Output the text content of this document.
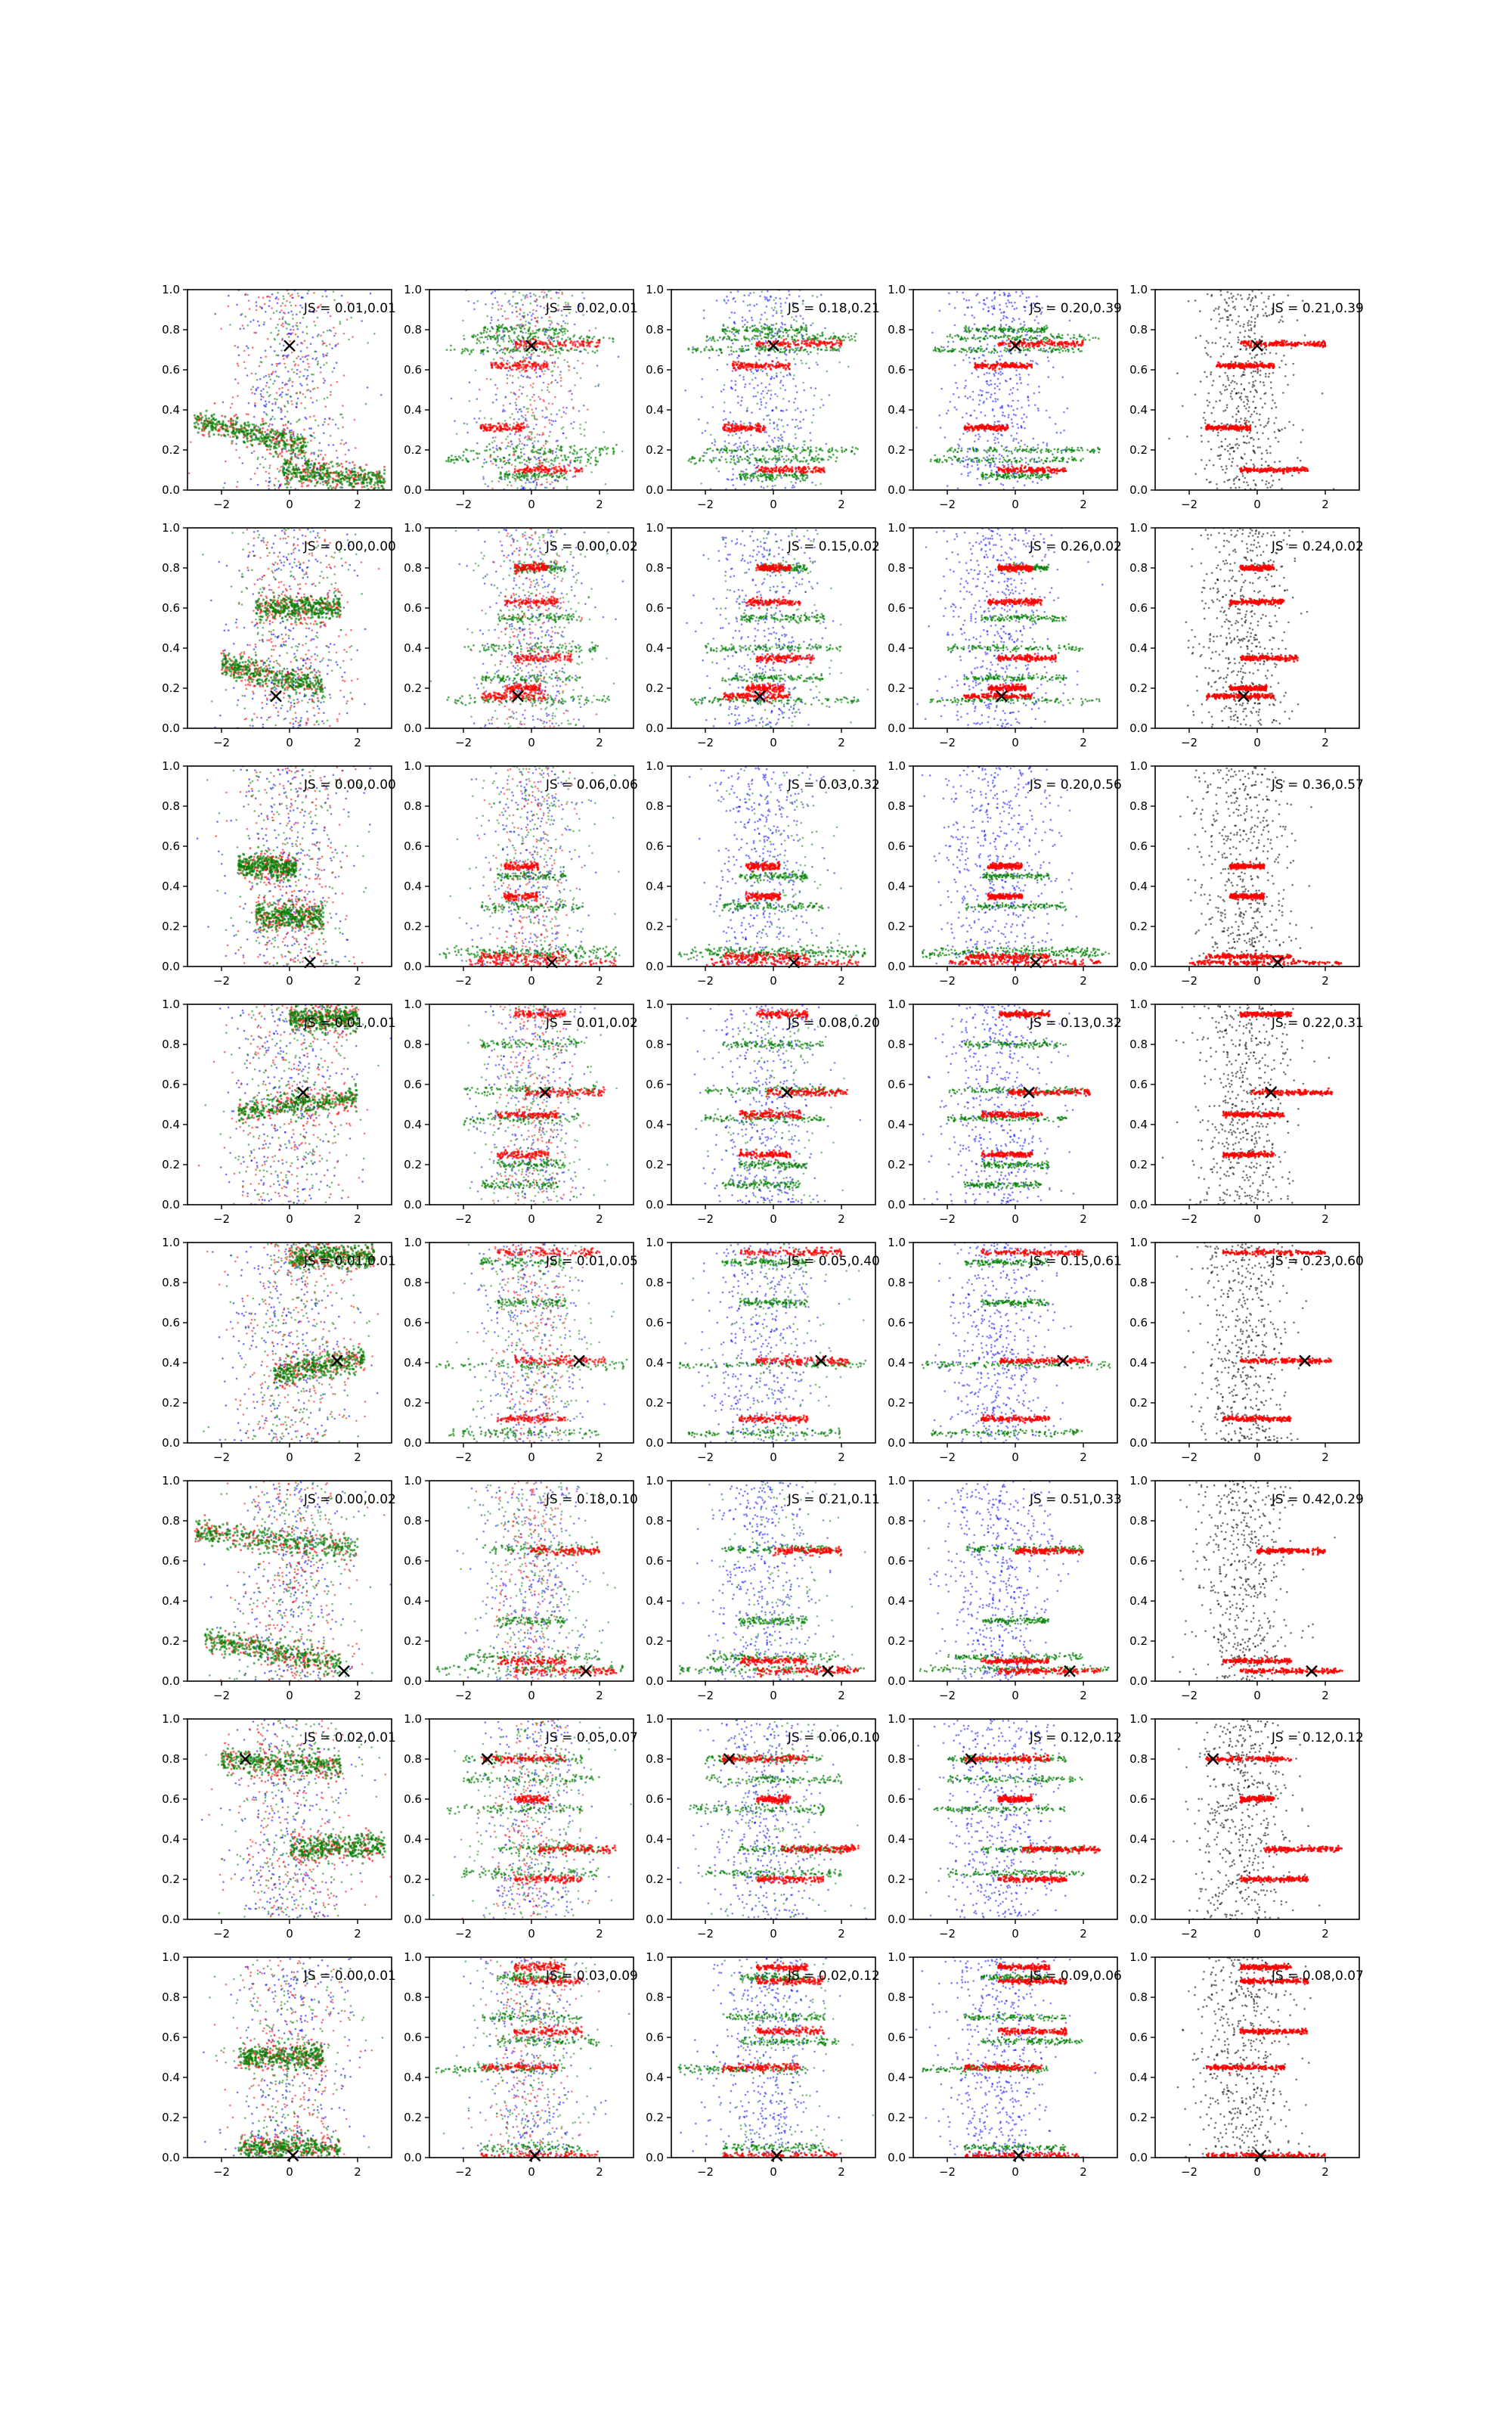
−2	0	2
0.0
0.2
0.4
0.6
0.8
1.0
JS = 0.01,0.01
−2	0	2
0.0
0.2
0.4
0.6
0.8
1.0
JS = 0.02,0.01
−2	0	2
0.0
0.2
0.4
0.6
0.8
1.0
JS = 0.18,0.21
−2	0	2
0.0
0.2
0.4
0.6
0.8
1.0
JS = 0.20,0.39
−2	0	2
0.0
0.2
0.4
0.6
0.8
1.0
JS = 0.21,0.39
−2	0	2
0.0
0.2
0.4
0.6
0.8
1.0
JS = 0.00,0.00
−2	0	2
0.0
0.2
0.4
0.6
0.8
1.0
JS = 0.00,0.02
−2	0	2
0.0
0.2
0.4
0.6
0.8
1.0
JS = 0.15,0.02
−2	0	2
0.0
0.2
0.4
0.6
0.8
1.0
JS = 0.26,0.02
−2	0	2
0.0
0.2
0.4
0.6
0.8
1.0
JS = 0.24,0.02
−2	0	2
0.0
0.2
0.4
0.6
0.8
1.0
JS = 0.00,0.00
−2	0	2
0.0
0.2
0.4
0.6
0.8
1.0
JS = 0.06,0.06
−2	0	2
0.0
0.2
0.4
0.6
0.8
1.0
JS = 0.03,0.32
−2	0	2
0.0
0.2
0.4
0.6
0.8
1.0
JS = 0.20,0.56
−2	0	2
0.0
0.2
0.4
0.6
0.8
1.0
JS = 0.36,0.57
−2	0	2
0.0
0.2
0.4
0.6
0.8
1.0
JS = 0.01,0.01
−2	0	2
0.0
0.2
0.4
0.6
0.8
1.0
JS = 0.01,0.02
−2	0	2
0.0
0.2
0.4
0.6
0.8
1.0
JS = 0.08,0.20
−2	0	2
0.0
0.2
0.4
0.6
0.8
1.0
JS = 0.13,0.32
−2	0	2
0.0
0.2
0.4
0.6
0.8
1.0
JS = 0.22,0.31
−2	0	2
0.0
0.2
0.4
0.6
0.8
1.0
JS = 0.01,0.01
−2	0	2
0.0
0.2
0.4
0.6
0.8
1.0
JS = 0.01,0.05
−2	0	2
0.0
0.2
0.4
0.6
0.8
1.0
JS = 0.05,0.40
−2	0	2
0.0
0.2
0.4
0.6
0.8
1.0
JS = 0.15,0.61
−2	0	2
0.0
0.2
0.4
0.6
0.8
1.0
JS = 0.23,0.60
−2	0	2
0.0
0.2
0.4
0.6
0.8
1.0
JS = 0.00,0.02
−2	0	2
0.0
0.2
0.4
0.6
0.8
1.0
JS = 0.18,0.10
−2	0	2
0.0
0.2
0.4
0.6
0.8
1.0
JS = 0.21,0.11
−2	0	2
0.0
0.2
0.4
0.6
0.8
1.0
JS = 0.51,0.33
−2	0	2
0.0
0.2
0.4
0.6
0.8
1.0
JS = 0.42,0.29
−2	0	2
0.0
0.2
0.4
0.6
0.8
1.0
JS = 0.02,0.01
−2	0	2
0.0
0.2
0.4
0.6
0.8
1.0
JS = 0.05,0.07
−2	0	2
0.0
0.2
0.4
0.6
0.8
1.0
JS = 0.06,0.10
−2	0	2
0.0
0.2
0.4
0.6
0.8
1.0
JS = 0.12,0.12
−2	0	2
0.0
0.2
0.4
0.6
0.8
1.0
JS = 0.12,0.12
−2	0	2
0.0
0.2
0.4
0.6
0.8
1.0
JS = 0.00,0.01
−2	0	2
0.0
0.2
0.4
0.6
0.8
1.0
JS = 0.03,0.09
−2	0	2
0.0
0.2
0.4
0.6
0.8
1.0
JS = 0.02,0.12
−2	0	2
0.0
0.2
0.4
0.6
0.8
1.0
JS = 0.09,0.06
−2	0	2
0.0
0.2
0.4
0.6
0.8
1.0
JS = 0.08,0.07
